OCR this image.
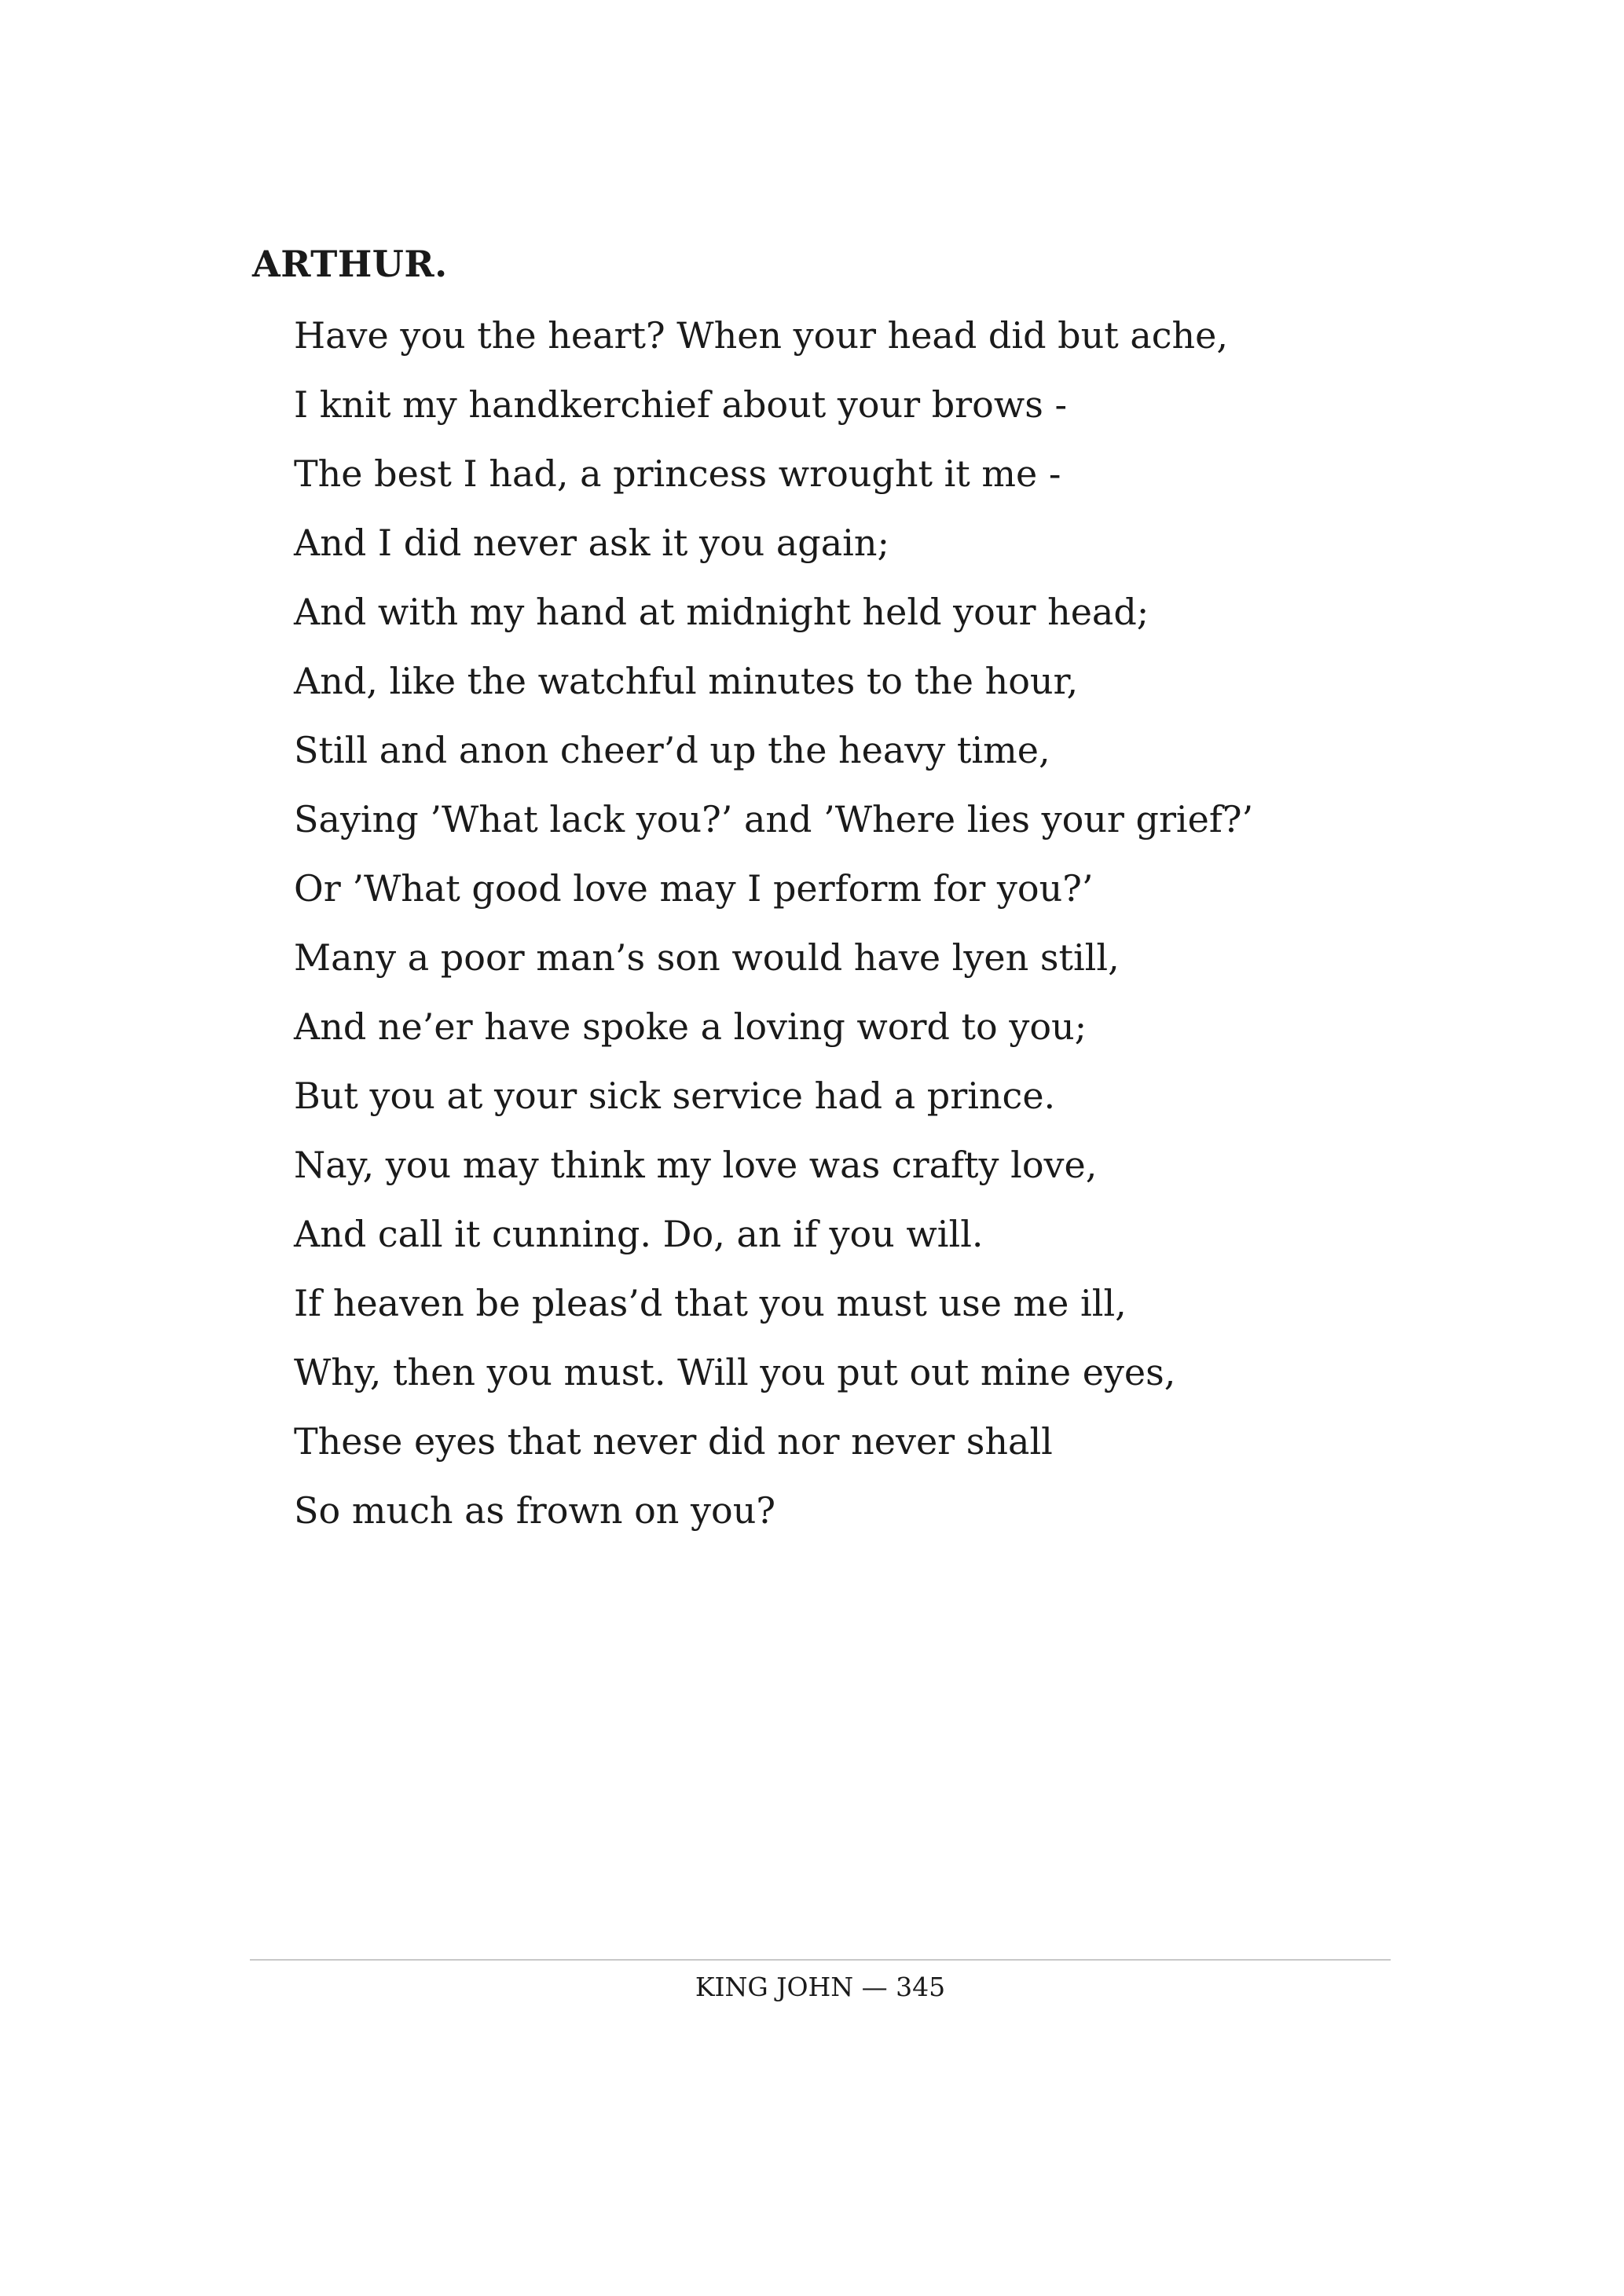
ARTHUR.
Have you the heart? When your head did but ache,
I knit my handkerchief about your brows -
The best I had, a princess wrought it me -
And I did never ask it you again;
And with my hand at midnight held your head;
And, like the watchful minutes to the hour,
Still and anon cheer’d up the heavy time,
Saying ’What lack you?’ and ’Where lies your grief?’
Or ’What good love may I perform for you?’
Many a poor man’s son would have lyen still,
And ne’er have spoke a loving word to you;
But you at your sick service had a prince.
Nay, you may think my love was crafty love,
And call it cunning. Do, an if you will.
If heaven be pleas’d that you must use me ill,
Why, then you must. Will you put out mine eyes,
These eyes that never did nor never shall
So much as frown on you?
KING JOHN — 345
